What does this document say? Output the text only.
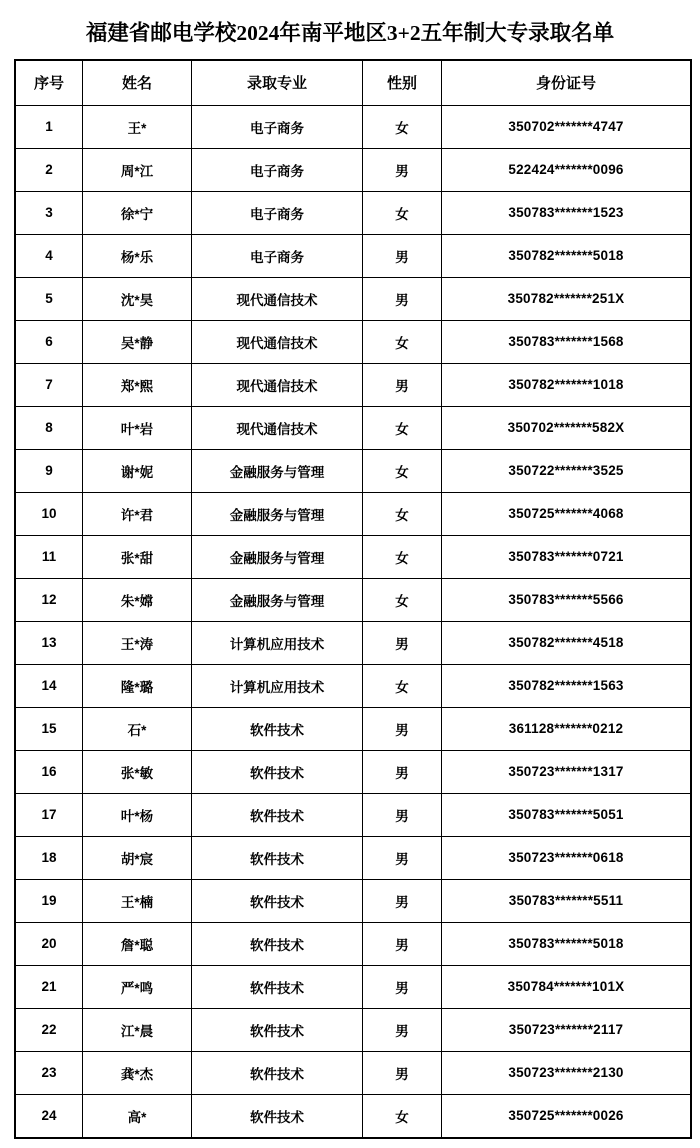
福建省邮电学校2024年南平地区3+2五年制大专录取名单
序号	姓名	录取专业	性别	身份证号
1	王*	电子商务	女	350702*******4747
2	周*江	电子商务	男	522424*******0096
3	徐*宁	电子商务	女	350783*******1523
4	杨*乐	电子商务	男	350782*******5018
5	沈*昊	现代通信技术	男	350782*******251X
6	吴*静	现代通信技术	女	350783*******1568
7	郑*熙	现代通信技术	男	350782*******1018
8	叶*岩	现代通信技术	女	350702*******582X
9	谢*妮	金融服务与管理	女	350722*******3525
10	许*君	金融服务与管理	女	350725*******4068
11	张*甜	金融服务与管理	女	350783*******0721
12	朱*嫦	金融服务与管理	女	350783*******5566
13	王*涛	计算机应用技术	男	350782*******4518
14	隆*璐	计算机应用技术	女	350782*******1563
15	石*	软件技术	男	361128*******0212
16	张*敏	软件技术	男	350723*******1317
17	叶*杨	软件技术	男	350783*******5051
18	胡*宸	软件技术	男	350723*******0618
19	王*楠	软件技术	男	350783*******5511
20	詹*聪	软件技术	男	350783*******5018
21	严*鸣	软件技术	男	350784*******101X
22	江*晨	软件技术	男	350723*******2117
23	龚*杰	软件技术	男	350723*******2130
24	高*	软件技术	女	350725*******0026
